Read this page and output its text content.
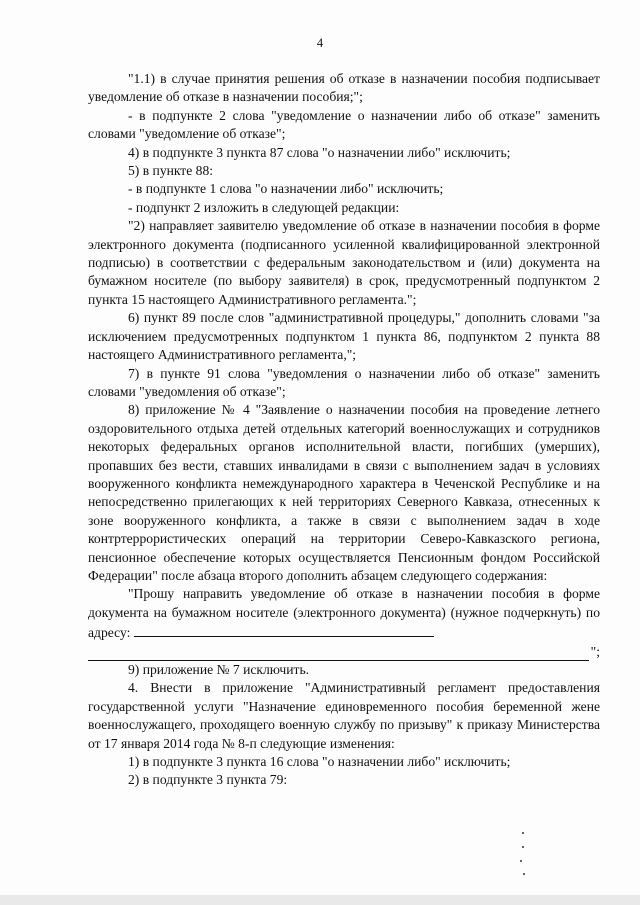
4

"1.1) в случае принятия решения об отказе в назначении пособия подписывает уведомление об отказе в назначении пособия;";

- в подпункте 2 слова "уведомление о назначении либо об отказе" заменить словами "уведомление об отказе";

4) в подпункте 3 пункта 87 слова "о назначении либо" исключить;

5) в пункте 88:

- в подпункте 1 слова "о назначении либо" исключить;

- подпункт 2 изложить в следующей редакции:

"2) направляет заявителю уведомление об отказе в назначении пособия в форме электронного документа (подписанного усиленной квалифицированной электронной подписью) в соответствии с федеральным законодательством и (или) документа на бумажном носителе (по выбору заявителя) в срок, предусмотренный подпунктом 2 пункта 15 настоящего Административного регламента.";

6) пункт 89 после слов "административной процедуры," дополнить словами "за исключением предусмотренных подпунктом 1 пункта 86, подпунктом 2 пункта 88 настоящего Административного регламента,";

7) в пункте 91 слова "уведомления о назначении либо об отказе" заменить словами "уведомления об отказе";

8) приложение № 4 "Заявление о назначении пособия на проведение летнего оздоровительного отдыха детей отдельных категорий военнослужащих и сотрудников некоторых федеральных органов исполнительной власти, погибших (умерших), пропавших без вести, ставших инвалидами в связи с выполнением задач в условиях вооруженного конфликта немеждународного характера в Чеченской Республике и на непосредственно прилегающих к ней территориях Северного Кавказа, отнесенных к зоне вооруженного конфликта, а также в связи с выполнением задач в ходе контртеррористических операций на территории Северо-Кавказского региона, пенсионное обеспечение которых осуществляется Пенсионным фондом Российской Федерации" после абзаца второго дополнить абзацем следующего содержания:

"Прошу направить уведомление об отказе в назначении пособия в форме документа на бумажном носителе (электронного документа) (нужное подчеркнуть) по адресу:

";

9) приложение № 7 исключить.

4. Внести в приложение "Административный регламент предоставления государственной услуги "Назначение единовременного пособия беременной жене военнослужащего, проходящего военную службу по призыву" к приказу Министерства от 17 января 2014 года № 8-п следующие изменения:

1) в подпункте 3 пункта 16 слова "о назначении либо" исключить;

2) в подпункте 3 пункта 79:
